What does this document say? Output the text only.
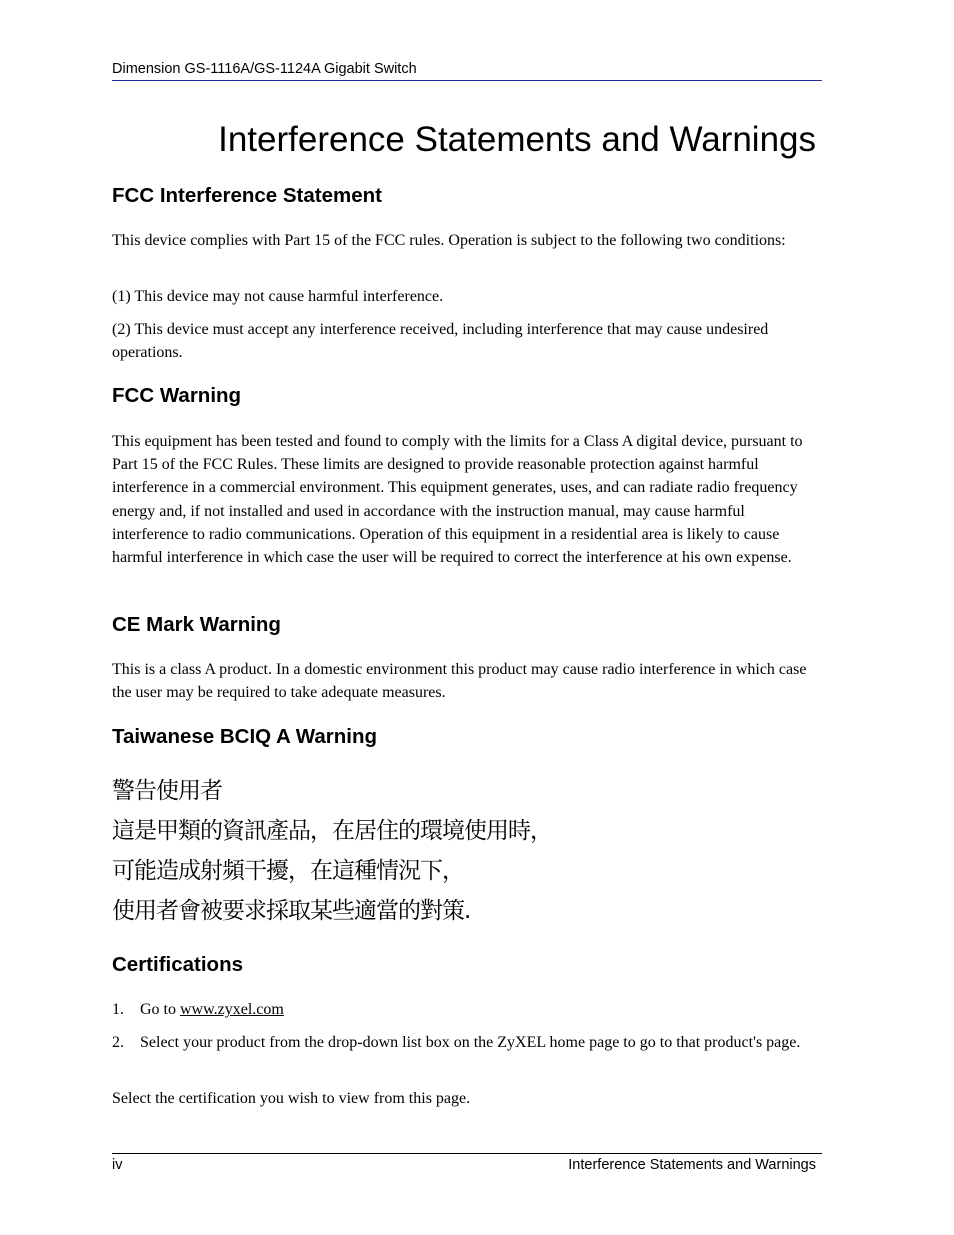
Dimension GS-1116A/GS-1124A Gigabit Switch
Interference Statements and Warnings
FCC Interference Statement

This device complies with Part 15 of the FCC rules. Operation is subject to the following two conditions:

(1) This device may not cause harmful interference.

(2) This device must accept any interference received, including interference that may cause undesired operations.

FCC Warning

This equipment has been tested and found to comply with the limits for a Class A digital device, pursuant to Part 15 of the FCC Rules. These limits are designed to provide reasonable protection against harmful interference in a commercial environment. This equipment generates, uses, and can radiate radio frequency energy and, if not installed and used in accordance with the instruction manual, may cause harmful interference to radio communications. Operation of this equipment in a residential area is likely to cause harmful interference in which case the user will be required to correct the interference at his own expense.

CE Mark Warning

This is a class A product. In a domestic environment this product may cause radio interference in which case the user may be required to take adequate measures.

Taiwanese BCIQ A Warning
警告使用者
這是甲類的資訊產品，在居住的環境使用時，
可能造成射頻干擾，在這種情況下，
使用者會被要求採取某些適當的對策.
Certifications
1. Go to www.zyxel.com
2. Select your product from the drop-down list box on the ZyXEL home page to go to that product's page.

Select the certification you wish to view from this page.

iv	Interference Statements and Warnings
